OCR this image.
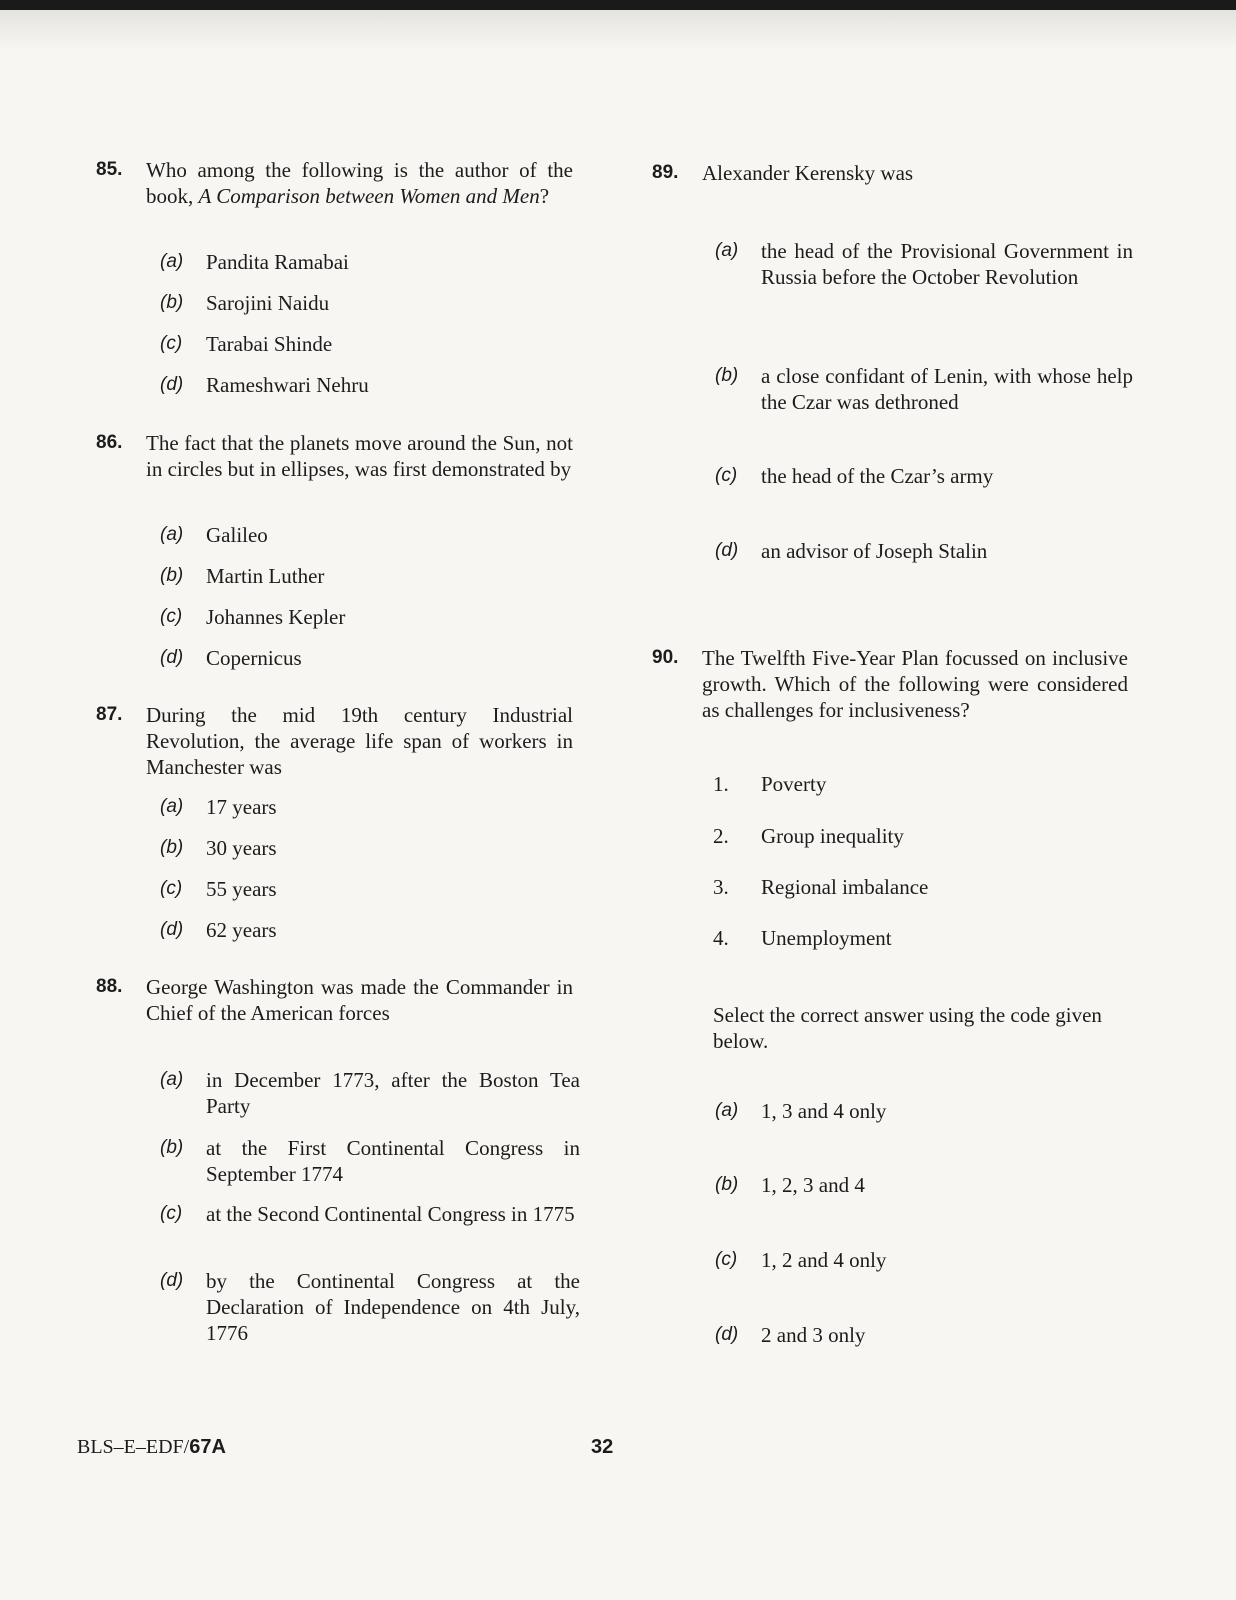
85. Who among the following is the author of the book, A Comparison between Women and Men?
(a) Pandita Ramabai
(b) Sarojini Naidu
(c) Tarabai Shinde
(d) Rameshwari Nehru
86. The fact that the planets move around the Sun, not in circles but in ellipses, was first demonstrated by
(a) Galileo
(b) Martin Luther
(c) Johannes Kepler
(d) Copernicus
87. During the mid 19th century Industrial Revolution, the average life span of workers in Manchester was
(a) 17 years
(b) 30 years
(c) 55 years
(d) 62 years
88. George Washington was made the Commander in Chief of the American forces
(a) in December 1773, after the Boston Tea Party
(b) at the First Continental Congress in September 1774
(c) at the Second Continental Congress in 1775
(d) by the Continental Congress at the Declaration of Independence on 4th July, 1776
89. Alexander Kerensky was
(a) the head of the Provisional Government in Russia before the October Revolution
(b) a close confidant of Lenin, with whose help the Czar was dethroned
(c) the head of the Czar’s army
(d) an advisor of Joseph Stalin
90. The Twelfth Five-Year Plan focussed on inclusive growth. Which of the following were considered as challenges for inclusiveness?
1. Poverty
2. Group inequality
3. Regional imbalance
4. Unemployment
Select the correct answer using the code given below.
(a) 1, 3 and 4 only
(b) 1, 2, 3 and 4
(c) 1, 2 and 4 only
(d) 2 and 3 only
BLS–E–EDF/67A	32
